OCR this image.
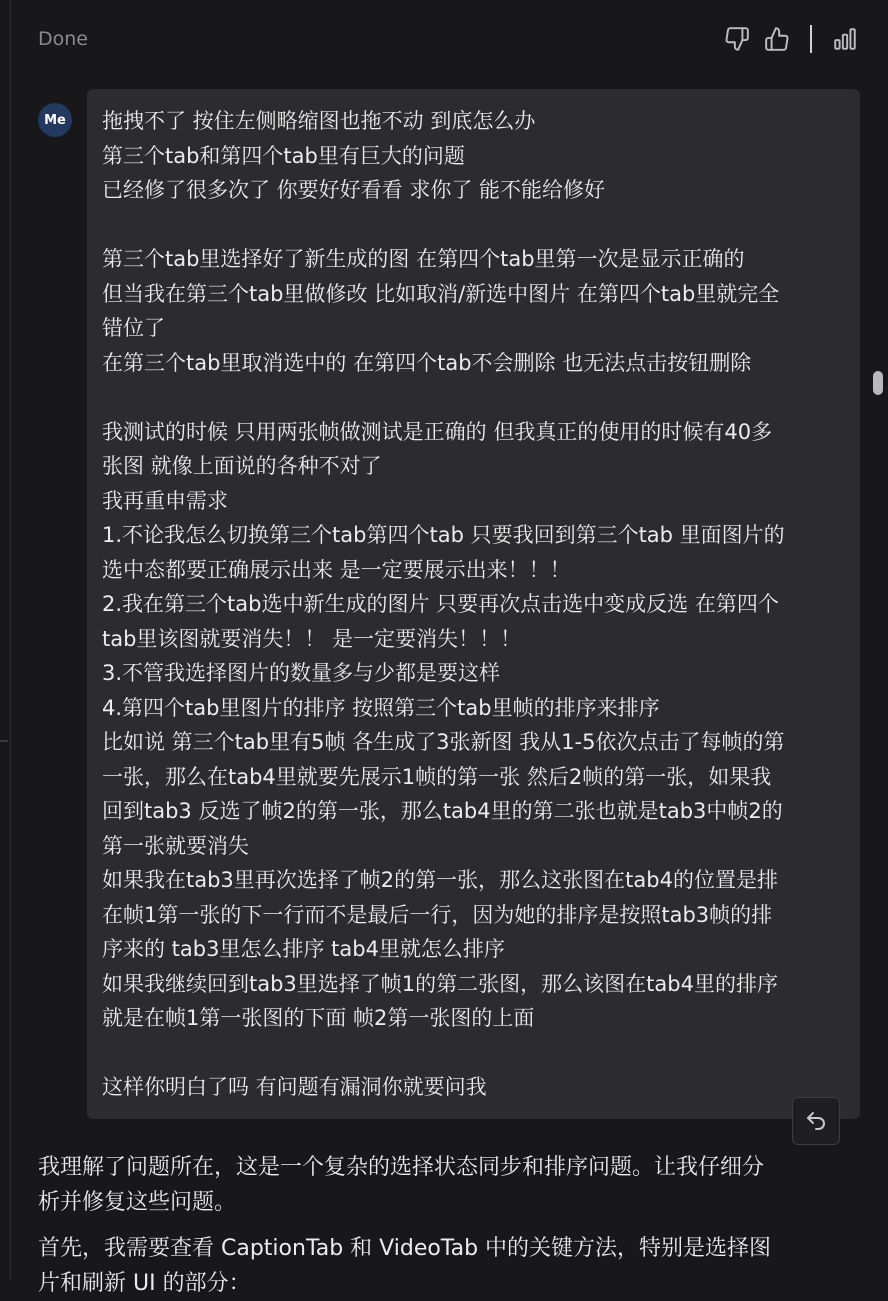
Done
Me 拖拽不了 按住左侧略缩图也拖不动 到底怎么办
第三个tab和第四个tab里有巨大的问题
已经修了很多次了 你要好好看看 求你了 能不能给修好
第三个tab里选择好了新生成的图 在第四个tab里第一次是显示正确的
但当我在第三个tab里做修改 比如取消/新选中图片 在第四个tab里就完全
错位了
在第三个tab里取消选中的 在第四个tab不会删除 也无法点击按钮删除
我测试的时候 只用两张帧做测试是正确的 但我真正的使用的时候有40多
张图 就像上面说的各种不对了
我再重申需求
1.不论我怎么切换第三个tab第四个tab 只要我回到第三个tab 里面图片的
选中态都要正确展示出来 是一定要展示出来！！！
2.我在第三个tab选中新生成的图片 只要再次点击选中变成反选 在第四个
tab里该图就要消失！！ 是一定要消失！！！
3.不管我选择图片的数量多与少都是要这样
4.第四个tab里图片的排序 按照第三个tab里帧的排序来排序
比如说 第三个tab里有5帧 各生成了3张新图 我从1-5依次点击了每帧的第
一张，那么在tab4里就要先展示1帧的第一张 然后2帧的第一张，如果我
回到tab3 反选了帧2的第一张，那么tab4里的第二张也就是tab3中帧2的
第一张就要消失
如果我在tab3里再次选择了帧2的第一张，那么这张图在tab4的位置是排
在帧1第一张的下一行而不是最后一行，因为她的排序是按照tab3帧的排
序来的 tab3里怎么排序 tab4里就怎么排序
如果我继续回到tab3里选择了帧1的第二张图，那么该图在tab4里的排序
就是在帧1第一张图的下面 帧2第一张图的上面
这样你明白了吗 有问题有漏洞你就要问我
我理解了问题所在，这是一个复杂的选择状态同步和排序问题。让我仔细分
析并修复这些问题。
首先，我需要查看 CaptionTab 和 VideoTab 中的关键方法，特别是选择图
片和刷新 UI 的部分：
